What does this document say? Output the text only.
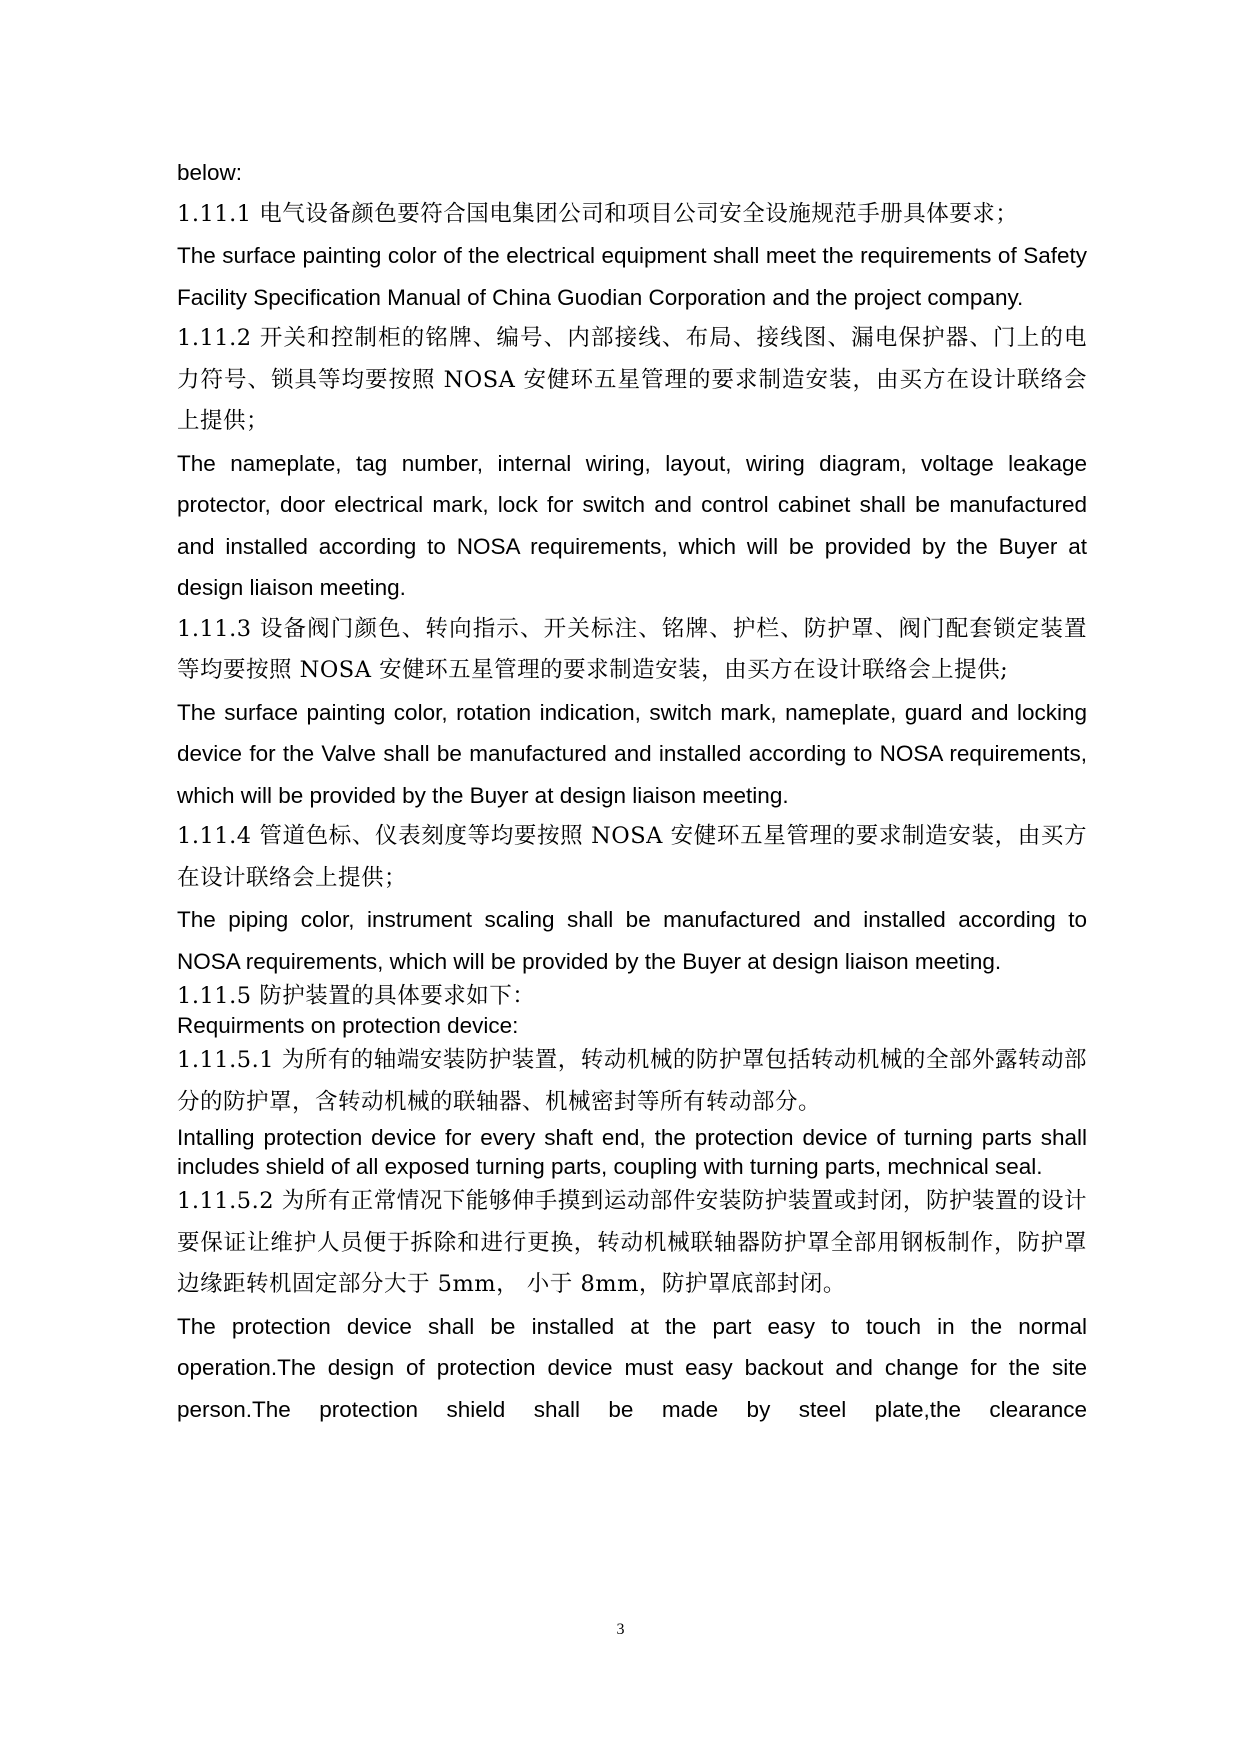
below:

1.11.1 电气设备颜色要符合国电集团公司和项目公司安全设施规范手册具体要求；

The surface painting color of the electrical equipment shall meet the requirements of Safety Facility Specification Manual of China Guodian Corporation and the project company.

1.11.2 开关和控制柜的铭牌、编号、内部接线、布局、接线图、漏电保护器、门上的电力符号、锁具等均要按照 NOSA 安健环五星管理的要求制造安装，由买方在设计联络会上提供；

The nameplate, tag number, internal wiring, layout, wiring diagram, voltage leakage protector, door electrical mark, lock for switch and control cabinet shall be manufactured and installed according to NOSA requirements, which will be provided by the Buyer at design liaison meeting.

1.11.3 设备阀门颜色、转向指示、开关标注、铭牌、护栏、防护罩、阀门配套锁定装置等均要按照 NOSA 安健环五星管理的要求制造安装，由买方在设计联络会上提供;

The surface painting color, rotation indication, switch mark, nameplate, guard and locking device for the Valve shall be manufactured and installed according to NOSA requirements, which will be provided by the Buyer at design liaison meeting.

1.11.4 管道色标、仪表刻度等均要按照 NOSA 安健环五星管理的要求制造安装，由买方在设计联络会上提供；

The piping color, instrument scaling shall be manufactured and installed according to NOSA requirements, which will be provided by the Buyer at design liaison meeting.

1.11.5 防护装置的具体要求如下：

Requirments on protection device:

1.11.5.1 为所有的轴端安装防护装置，转动机械的防护罩包括转动机械的全部外露转动部分的防护罩，含转动机械的联轴器、机械密封等所有转动部分。

Intalling protection device for every shaft end, the protection device of turning parts shall includes shield of all exposed turning parts, coupling with turning parts, mechnical seal.

1.11.5.2 为所有正常情况下能够伸手摸到运动部件安装防护装置或封闭，防护装置的设计要保证让维护人员便于拆除和进行更换，转动机械联轴器防护罩全部用钢板制作，防护罩边缘距转机固定部分大于 5mm， 小于 8mm，防护罩底部封闭。

The protection device shall be installed at the part easy to touch in the normal operation.The design of protection device must easy backout and change for the site person.The protection shield shall be made by steel plate,the clearance

3
